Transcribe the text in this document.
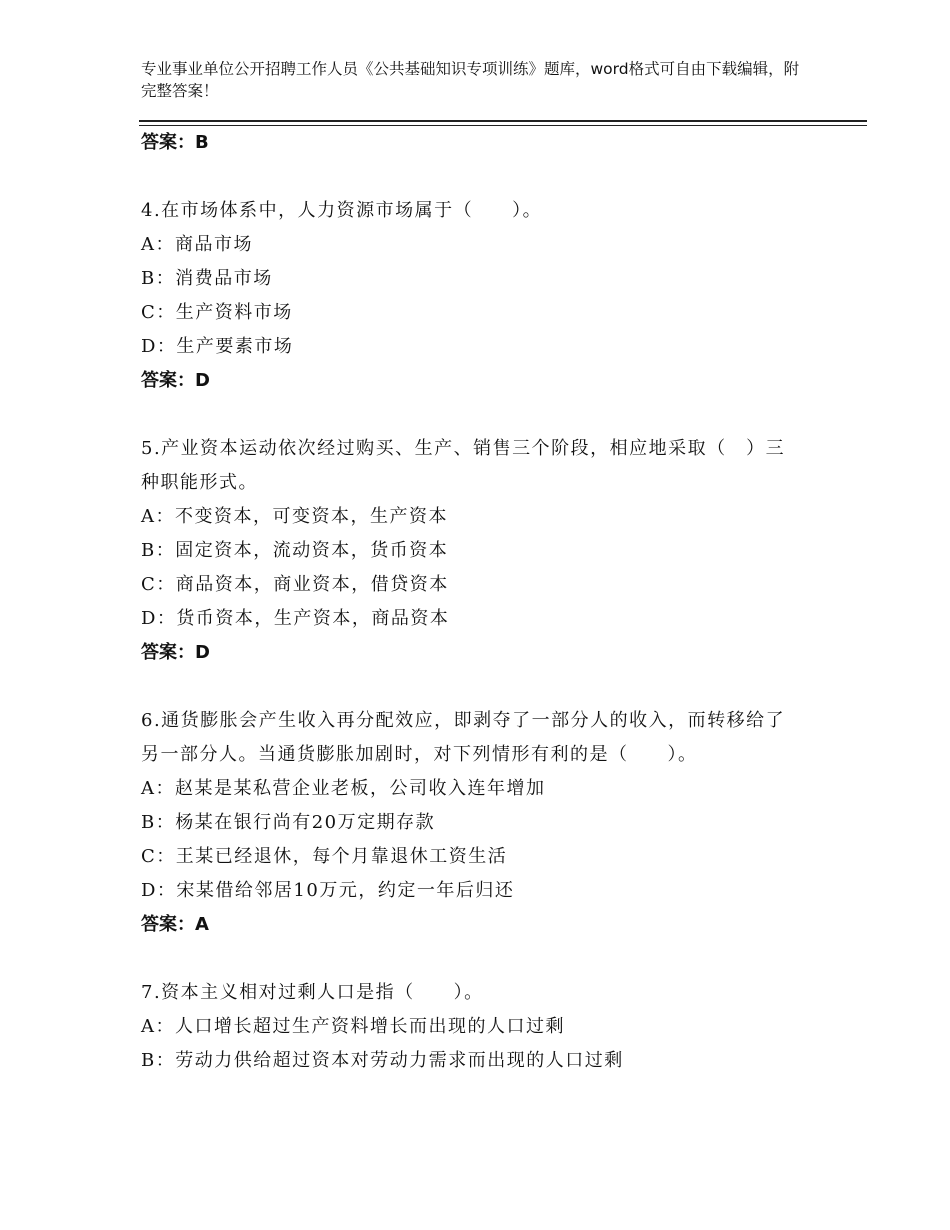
专业事业单位公开招聘工作人员《公共基础知识专项训练》题库，word格式可自由下载编辑，附完整答案！
答案：B
4.在市场体系中，人力资源市场属于（　　）。
A：商品市场
B：消费品市场
C：生产资料市场
D：生产要素市场
答案：D
5.产业资本运动依次经过购买、生产、销售三个阶段，相应地采取（　）三种职能形式。
A：不变资本，可变资本，生产资本
B：固定资本，流动资本，货币资本
C：商品资本，商业资本，借贷资本
D：货币资本，生产资本，商品资本
答案：D
6.通货膨胀会产生收入再分配效应，即剥夺了一部分人的收入，而转移给了另一部分人。当通货膨胀加剧时，对下列情形有利的是（　　）。
A：赵某是某私营企业老板，公司收入连年增加
B：杨某在银行尚有20万定期存款
C：王某已经退休，每个月靠退休工资生活
D：宋某借给邻居10万元，约定一年后归还
答案：A
7.资本主义相对过剩人口是指（　　）。
A：人口增长超过生产资料增长而出现的人口过剩
B：劳动力供给超过资本对劳动力需求而出现的人口过剩
